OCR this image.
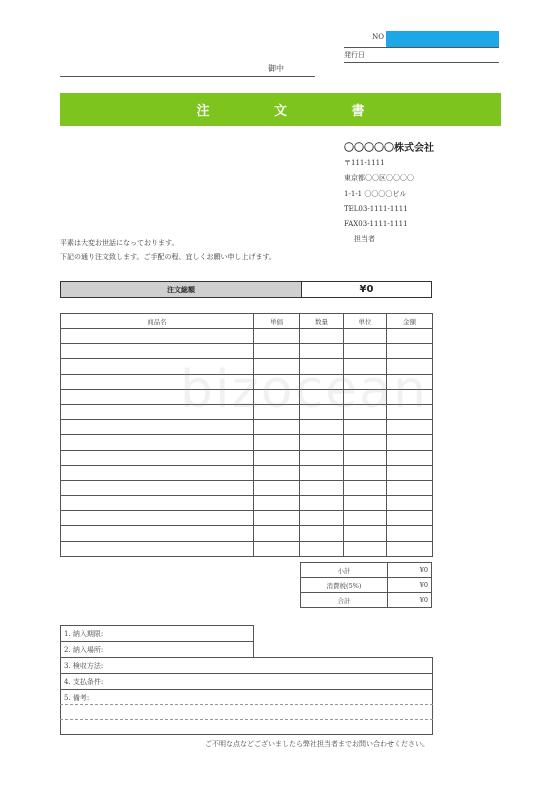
NO
発行日
御中
注 文 書
〇〇〇〇〇株式会社
〒111-1111
東京都〇〇区〇〇〇〇
1-1-1 〇〇〇〇ビル
TEL03-1111-1111
FAX03-1111-1111
担当者
平素は大変お世話になっております。
下記の通り注文致します。ご手配の程、宜しくお願い申し上げます。
注文総額	¥0
商品名	単価	数量	単位	金額

小計	¥0
消費税(5%)	¥0
合計	¥0
1. 納入期限:
2. 納入場所:
3. 検収方法:
4. 支払条件:
5. 備考:
ご不明な点などございましたら弊社担当者までお問い合わせください。
bizocean
